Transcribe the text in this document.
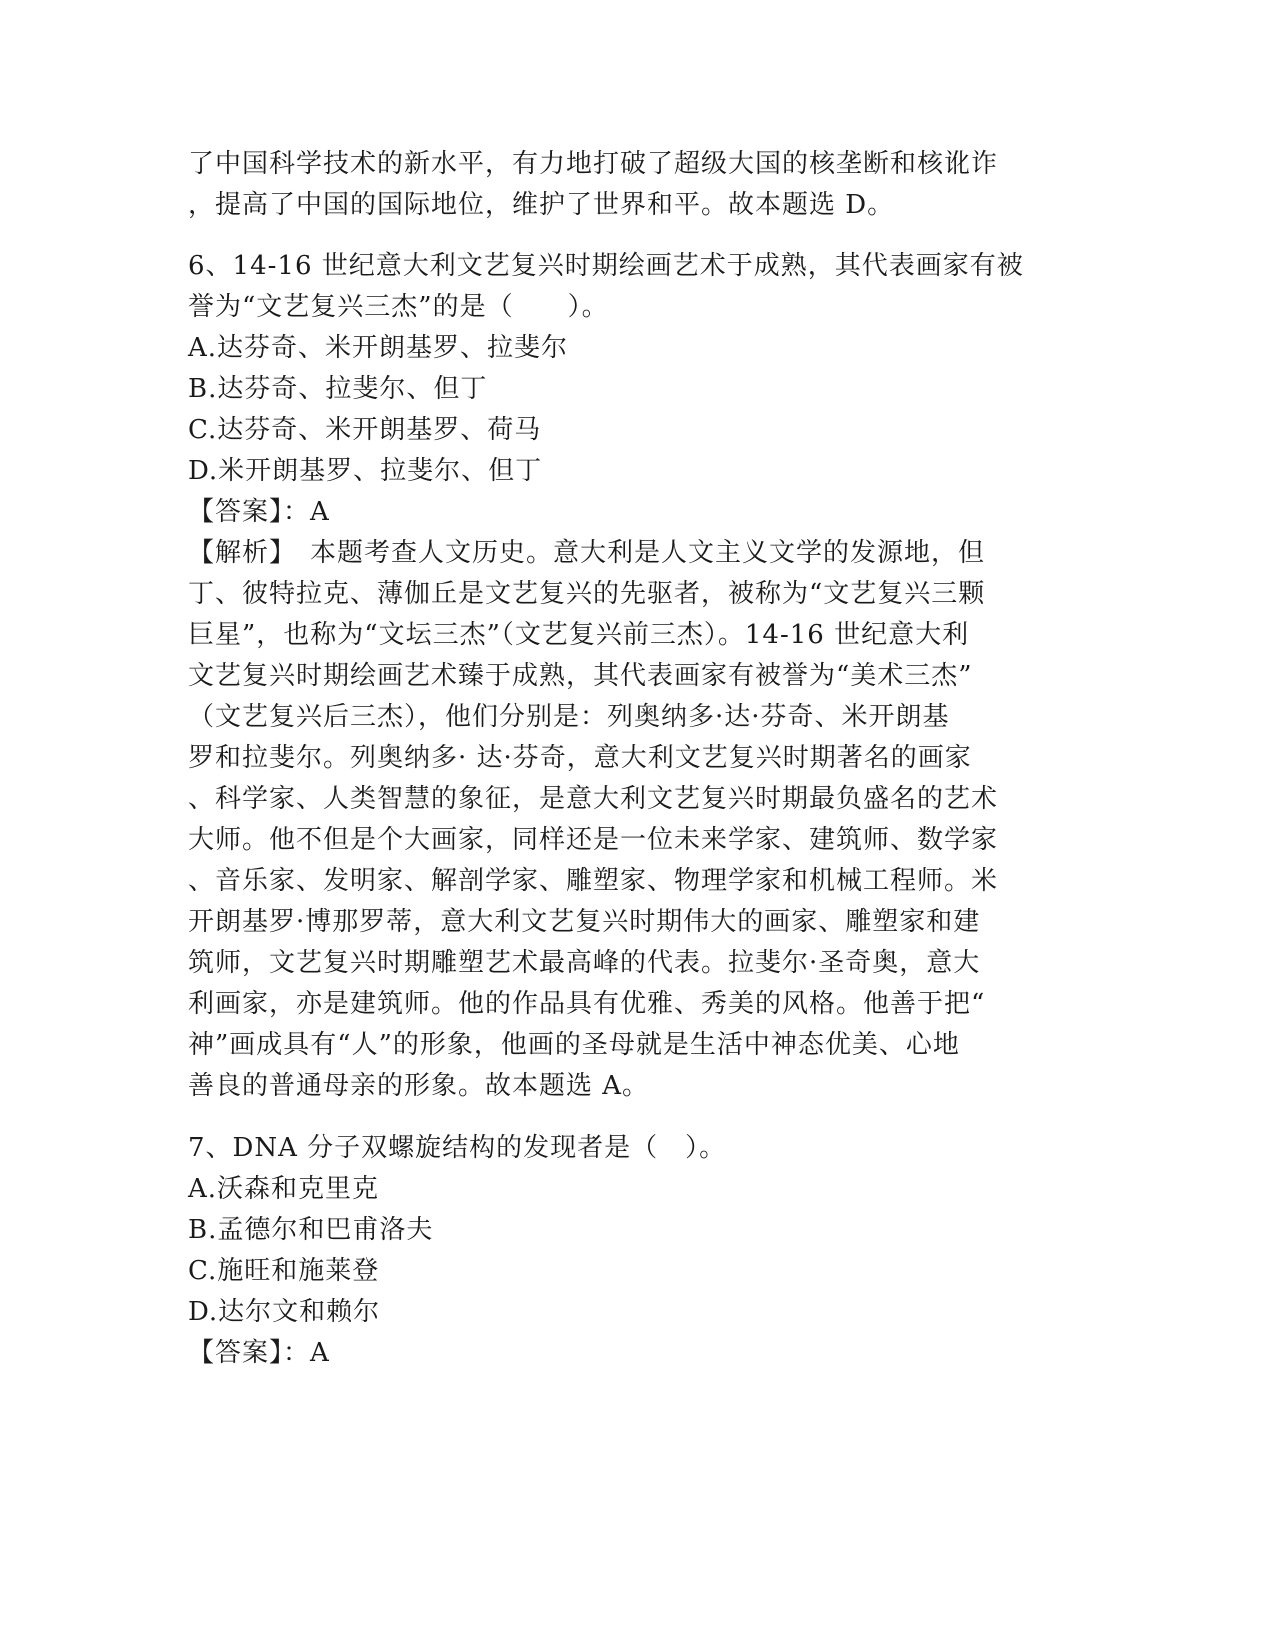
了中国科学技术的新水平，有力地打破了超级大国的核垄断和核讹诈
，提高了中国的国际地位，维护了世界和平。故本题选 D。
6、14-16 世纪意大利文艺复兴时期绘画艺术于成熟，其代表画家有被
誉为“文艺复兴三杰”的是（　　）。
A.达芬奇、米开朗基罗、拉斐尔
B.达芬奇、拉斐尔、但丁
C.达芬奇、米开朗基罗、荷马
D.米开朗基罗、拉斐尔、但丁
【答案】：A
【解析】　本题考查人文历史。意大利是人文主义文学的发源地，但
丁、彼特拉克、薄伽丘是文艺复兴的先驱者，被称为“文艺复兴三颗
巨星”，也称为“文坛三杰”（文艺复兴前三杰）。14-16 世纪意大利
文艺复兴时期绘画艺术臻于成熟，其代表画家有被誉为“美术三杰”
（文艺复兴后三杰），他们分别是：列奥纳多·达·芬奇、米开朗基
罗和拉斐尔。列奥纳多· 达·芬奇，意大利文艺复兴时期著名的画家
、科学家、人类智慧的象征，是意大利文艺复兴时期最负盛名的艺术
大师。他不但是个大画家，同样还是一位未来学家、建筑师、数学家
、音乐家、发明家、解剖学家、雕塑家、物理学家和机械工程师。米
开朗基罗·博那罗蒂，意大利文艺复兴时期伟大的画家、雕塑家和建
筑师，文艺复兴时期雕塑艺术最高峰的代表。拉斐尔·圣奇奥，意大
利画家，亦是建筑师。他的作品具有优雅、秀美的风格。他善于把“
神”画成具有“人”的形象，他画的圣母就是生活中神态优美、心地
善良的普通母亲的形象。故本题选 A。
7、DNA 分子双螺旋结构的发现者是（　）。
A.沃森和克里克
B.孟德尔和巴甫洛夫
C.施旺和施莱登
D.达尔文和赖尔
【答案】：A
